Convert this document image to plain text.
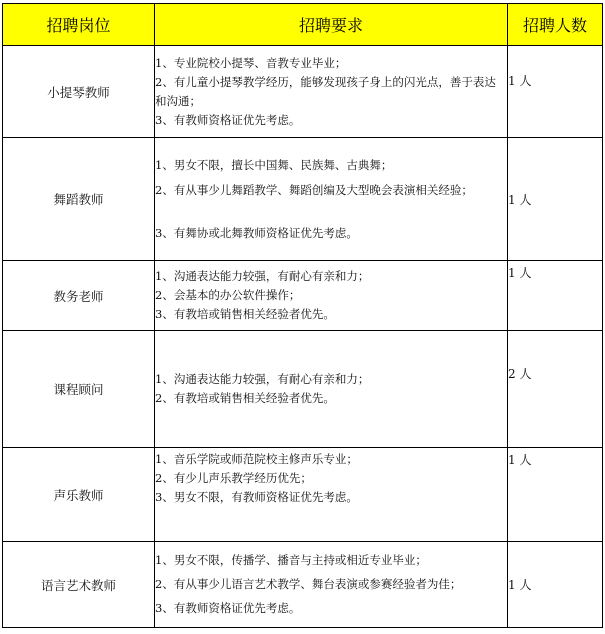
招聘岗位	招聘要求	招聘人数
小提琴教师	1、专业院校小提琴、音教专业毕业；
2、有儿童小提琴教学经历，能够发现孩子身上的闪光点，善于表达和沟通；
3、有教师资格证优先考虑。	1 人
舞蹈教师	1、男女不限，擅长中国舞、民族舞、古典舞；
2、有从事少儿舞蹈教学、舞蹈创编及大型晚会表演相关经验；
3、有舞协或北舞教师资格证优先考虑。	1 人
教务老师	1、沟通表达能力较强，有耐心有亲和力；
2、会基本的办公软件操作；
3、有教培或销售相关经验者优先。	1 人
课程顾问	1、沟通表达能力较强，有耐心有亲和力；
2、有教培或销售相关经验者优先。	2 人
声乐教师	1、音乐学院或师范院校主修声乐专业；
2、有少儿声乐教学经历优先；
3、男女不限，有教师资格证优先考虑。	1 人
语言艺术教师	1、男女不限，传播学、播音与主持或相近专业毕业；
2、有从事少儿语言艺术教学、舞台表演或参赛经验者为佳；
3、有教师资格证优先考虑。	1 人
